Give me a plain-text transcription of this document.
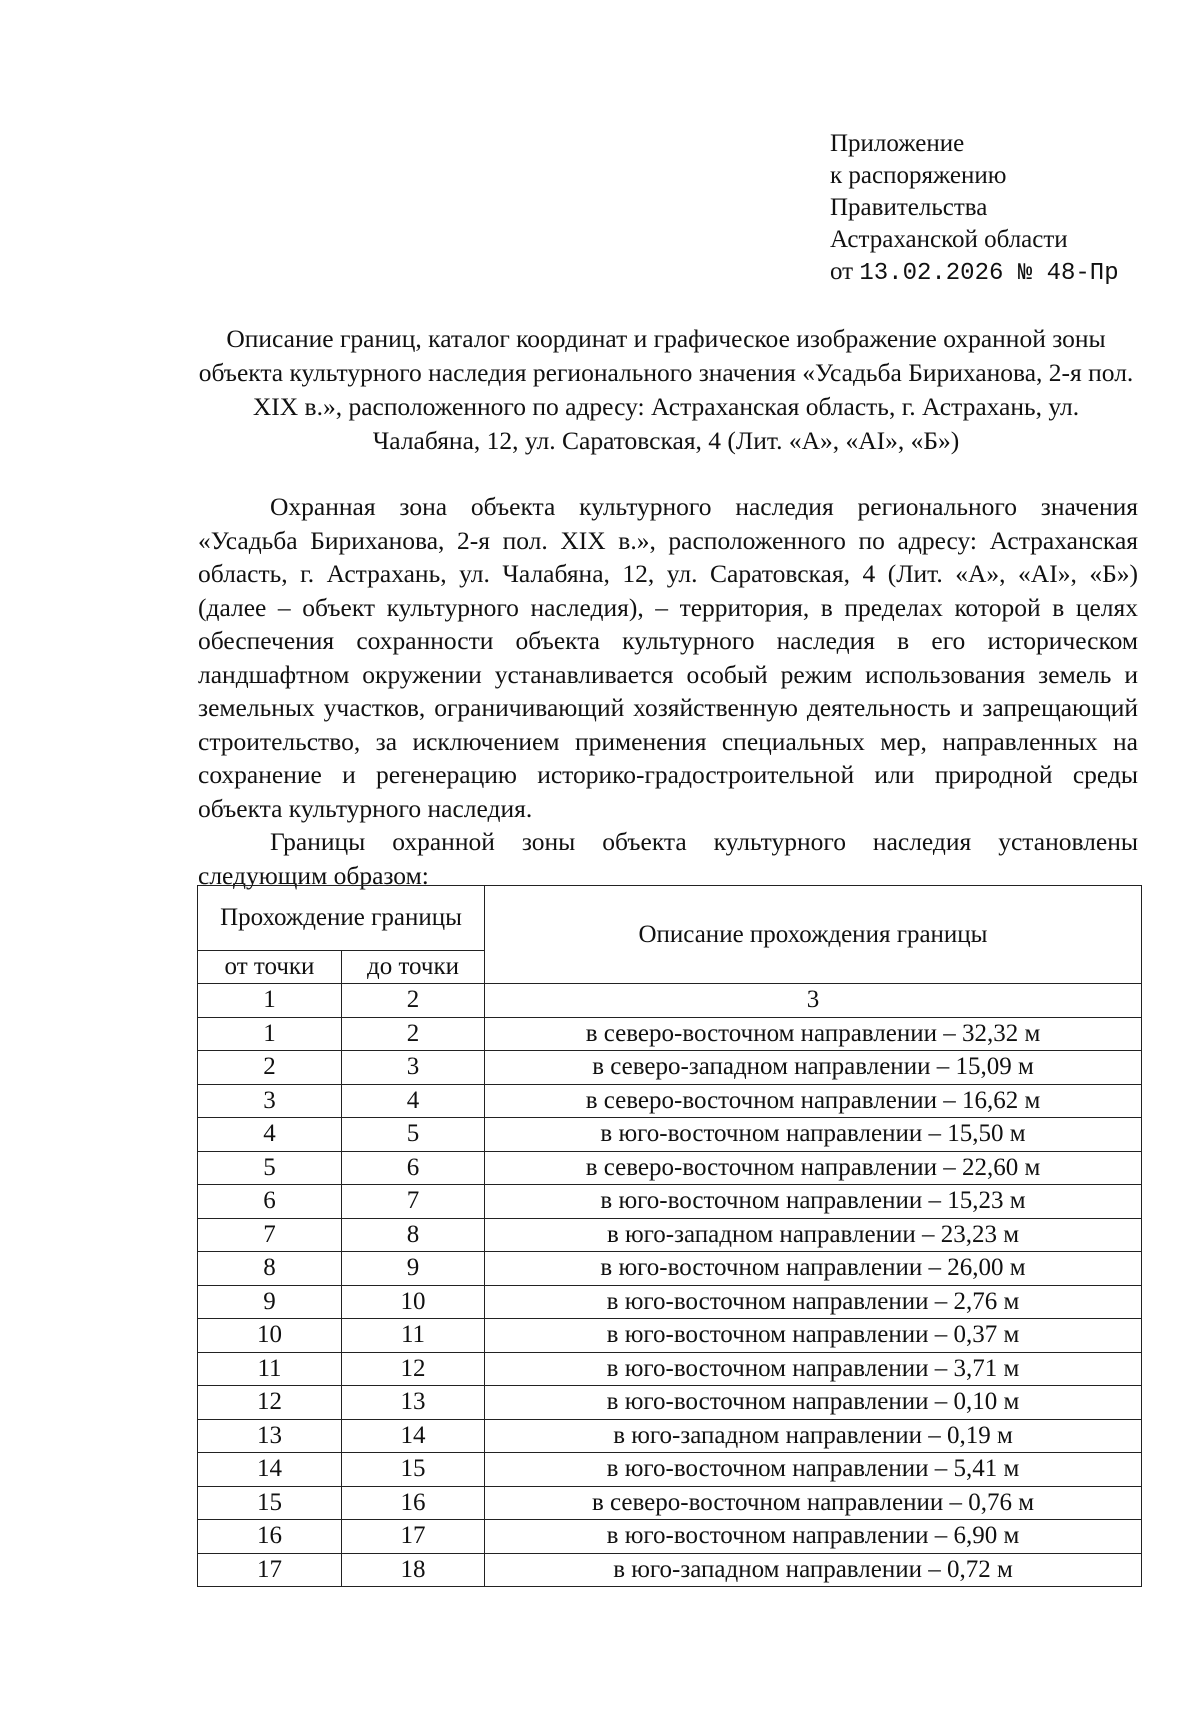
Приложение
к распоряжению
Правительства
Астраханской области
от 13.02.2026 № 48-Пр
Описание границ, каталог координат и графическое изображение охранной зоны объекта культурного наследия регионального значения «Усадьба Бириханова, 2-я пол. XIX в.», расположенного по адресу: Астраханская область, г. Астрахань, ул. Чалабяна, 12, ул. Саратовская, 4 (Лит. «А», «АI», «Б»)

Охранная зона объекта культурного наследия регионального значения «Усадьба Бириханова, 2-я пол. XIX в.», расположенного по адресу: Астраханская область, г. Астрахань, ул. Чалабяна, 12, ул. Саратовская, 4 (Лит. «А», «АI», «Б») (далее – объект культурного наследия), – территория, в пределах которой в целях обеспечения сохранности объекта культурного наследия в его историческом ландшафтном окружении устанавливается особый режим использования земель и земельных участков, ограничивающий хозяйственную деятельность и запрещающий строительство, за исключением применения специальных мер, направленных на сохранение и регенерацию историко-градостроительной или природной среды объекта культурного наследия.

Границы охранной зоны объекта культурного наследия установлены следующим образом:

Прохождение границы		Описание прохождения границы
от точки	до точки	
1	2	3
1	2	в северо-восточном направлении – 32,32 м
2	3	в северо-западном направлении – 15,09 м
3	4	в северо-восточном направлении – 16,62 м
4	5	в юго-восточном направлении – 15,50 м
5	6	в северо-восточном направлении – 22,60 м
6	7	в юго-восточном направлении – 15,23 м
7	8	в юго-западном направлении – 23,23 м
8	9	в юго-восточном направлении – 26,00 м
9	10	в юго-восточном направлении – 2,76 м
10	11	в юго-восточном направлении – 0,37 м
11	12	в юго-восточном направлении – 3,71 м
12	13	в юго-восточном направлении – 0,10 м
13	14	в юго-западном направлении – 0,19 м
14	15	в юго-восточном направлении – 5,41 м
15	16	в северо-восточном направлении – 0,76 м
16	17	в юго-восточном направлении – 6,90 м
17	18	в юго-западном направлении – 0,72 м
